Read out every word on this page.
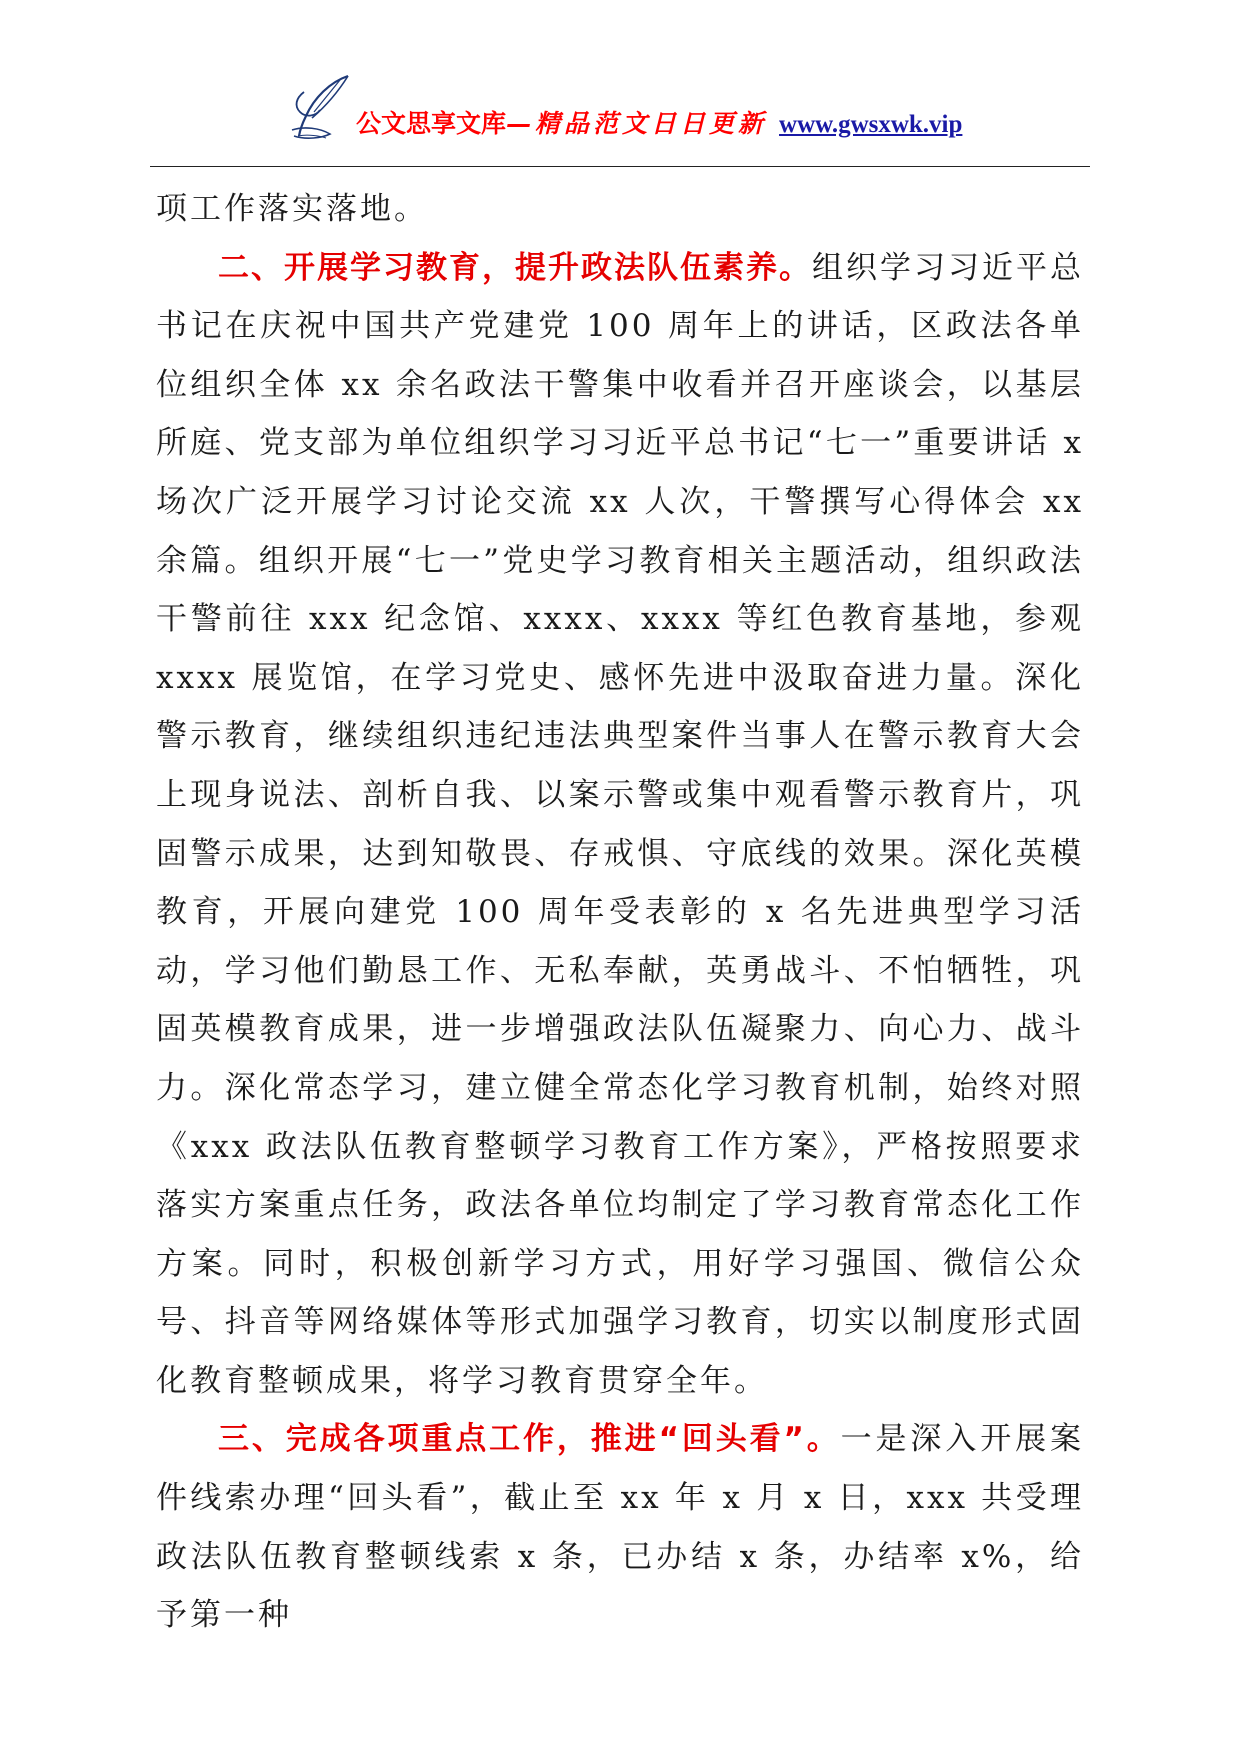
公文思享文库—精品范文日日更新 www.gwsxwk.vip

项工作落实落地。

二、开展学习教育，提升政法队伍素养。组织学习习近平总书记在庆祝中国共产党建党 100 周年上的讲话，区政法各单位组织全体 xx 余名政法干警集中收看并召开座谈会，以基层所庭、党支部为单位组织学习习近平总书记“七一”重要讲话 x 场次广泛开展学习讨论交流 xx 人次，干警撰写心得体会 xx 余篇。组织开展“七一”党史学习教育相关主题活动，组织政法干警前往 xxx 纪念馆、xxxx、xxxx 等红色教育基地，参观 xxxx 展览馆，在学习党史、感怀先进中汲取奋进力量。深化警示教育，继续组织违纪违法典型案件当事人在警示教育大会上现身说法、剖析自我、以案示警或集中观看警示教育片，巩固警示成果，达到知敬畏、存戒惧、守底线的效果。深化英模教育，开展向建党 100 周年受表彰的 x 名先进典型学习活动，学习他们勤恳工作、无私奉献，英勇战斗、不怕牺牲，巩固英模教育成果，进一步增强政法队伍凝聚力、向心力、战斗力。深化常态学习，建立健全常态化学习教育机制，始终对照《xxx 政法队伍教育整顿学习教育工作方案》，严格按照要求落实方案重点任务，政法各单位均制定了学习教育常态化工作方案。同时，积极创新学习方式，用好学习强国、微信公众号、抖音等网络媒体等形式加强学习教育，切实以制度形式固化教育整顿成果，将学习教育贯穿全年。

三、完成各项重点工作，推进“回头看”。一是深入开展案件线索办理“回头看”，截止至 xx 年 x 月 x 日，xxx 共受理政法队伍教育整顿线索 x 条，已办结 x 条，办结率 x%，给予第一种
